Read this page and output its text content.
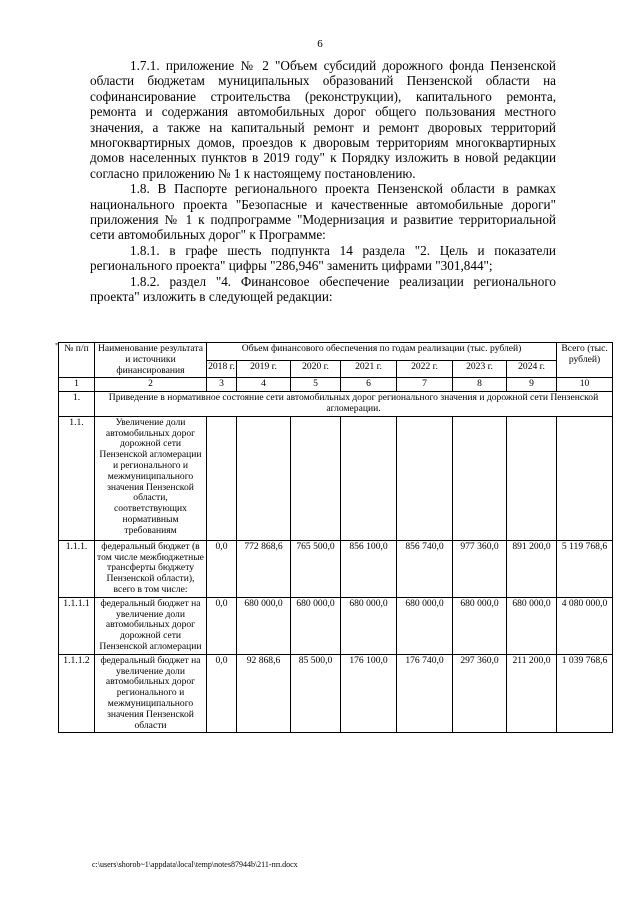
6

1.7.1. приложение № 2 "Объем субсидий дорожного фонда Пензенской области бюджетам муниципальных образований Пензенской области на софинансирование строительства (реконструкции), капитального ремонта, ремонта и содержания автомобильных дорог общего пользования местного значения, а также на капитальный ремонт и ремонт дворовых территорий многоквартирных домов, проездов к дворовым территориям многоквартирных домов населенных пунктов в 2019 году" к Порядку изложить в новой редакции согласно приложению № 1 к настоящему постановлению.

1.8. В Паспорте регионального проекта Пензенской области в рамках национального проекта "Безопасные и качественные автомобильные дороги" приложения № 1 к подпрограмме "Модернизация и развитие территориальной сети автомобильных дорог" к Программе:

1.8.1. в графе шесть подпункта 14 раздела "2. Цель и показатели регионального проекта" цифры "286,946" заменить цифрами "301,844";

1.8.2. раздел "4. Финансовое обеспечение реализации регионального проекта" изложить в следующей редакции:

" № п/п	Наименование результата и источники финансирования	Объем финансового обеспечения по годам реализации (тыс. рублей)							Всего (тыс. рублей)
		2018 г.	2019 г.	2020 г.	2021 г.	2022 г.	2023 г.	2024 г.	
1	2	3	4	5	6	7	8	9	10
1.	Приведение в нормативное состояние сети автомобильных дорог регионального значения и дорожной сети Пензенской агломерации.								
1.1.	Увеличение доли автомобильных дорог дорожной сети Пензенской агломерации и регионального и межмуниципального значения Пензенской области, соответствующих нормативным требованиям								
1.1.1.	федеральный бюджет (в том числе межбюджетные трансферты бюджету Пензенской области), всего в том числе:	0,0	772 868,6	765 500,0	856 100,0	856 740,0	977 360,0	891 200,0	5 119 768,6
1.1.1.1	федеральный бюджет на увеличение доли автомобильных дорог дорожной сети Пензенской агломерации	0,0	680 000,0	680 000,0	680 000,0	680 000,0	680 000,0	680 000,0	4 080 000,0
1.1.1.2	федеральный бюджет на увеличение доли автомобильных дорог регионального и межмуниципального значения Пензенской области	0,0	92 868,6	85 500,0	176 100,0	176 740,0	297 360,0	211 200,0	1 039 768,6
c:\users\shorob~1\appdata\local\temp\notes87944b\211-пп.docx
